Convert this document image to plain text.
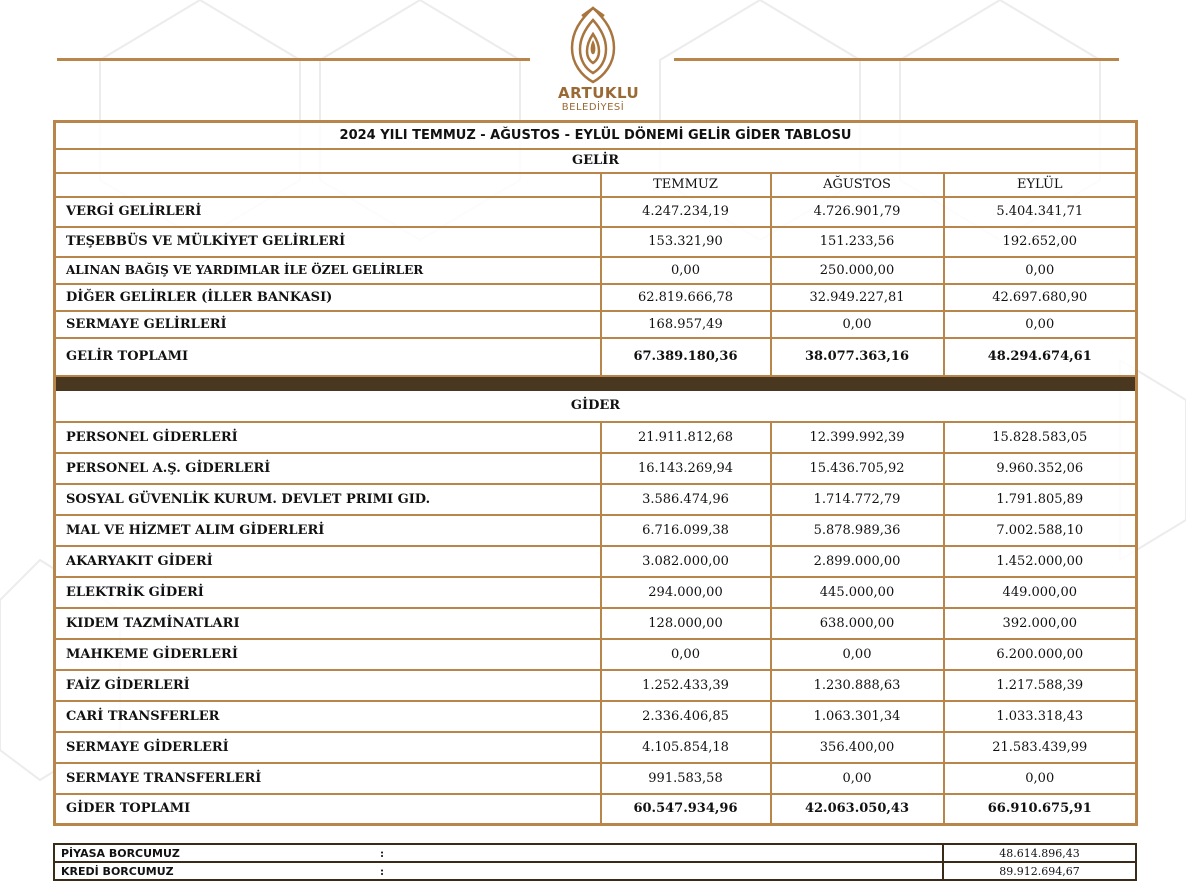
ARTUKLU
BELEDİYESİ
2024 YILI TEMMUZ - AĞUSTOS - EYLÜL DÖNEMİ GELİR GİDER TABLOSU			
GELİR			
	TEMMUZ	AĞUSTOS	EYLÜL
VERGİ GELİRLERİ	4.247.234,19	4.726.901,79	5.404.341,71
TEŞEBBÜS VE MÜLKİYET GELİRLERİ	153.321,90	151.233,56	192.652,00
ALINAN BAĞIŞ VE YARDIMLAR İLE ÖZEL GELİRLER	0,00	250.000,00	0,00
DİĞER GELİRLER (İLLER BANKASI)	62.819.666,78	32.949.227,81	42.697.680,90
SERMAYE GELİRLERİ	168.957,49	0,00	0,00
GELİR TOPLAMI	67.389.180,36	38.077.363,16	48.294.674,61

GİDER			
PERSONEL GİDERLERİ	21.911.812,68	12.399.992,39	15.828.583,05
PERSONEL A.Ş. GİDERLERİ	16.143.269,94	15.436.705,92	9.960.352,06
SOSYAL GÜVENLİK KURUM. DEVLET PRIMI GID.	3.586.474,96	1.714.772,79	1.791.805,89
MAL VE HİZMET ALIM GİDERLERİ	6.716.099,38	5.878.989,36	7.002.588,10
AKARYAKIT GİDERİ	3.082.000,00	2.899.000,00	1.452.000,00
ELEKTRİK GİDERİ	294.000,00	445.000,00	449.000,00
KIDEM TAZMİNATLARI	128.000,00	638.000,00	392.000,00
MAHKEME GİDERLERİ	0,00	0,00	6.200.000,00
FAİZ GİDERLERİ	1.252.433,39	1.230.888,63	1.217.588,39
CARİ TRANSFERLER	2.336.406,85	1.063.301,34	1.033.318,43
SERMAYE GİDERLERİ	4.105.854,18	356.400,00	21.583.439,99
SERMAYE TRANSFERLERİ	991.583,58	0,00	0,00
GİDER TOPLAMI	60.547.934,96	42.063.050,43	66.910.675,91
PİYASA BORCUMUZ	:	48.614.896,43
KREDİ BORCUMUZ	:	89.912.694,67
